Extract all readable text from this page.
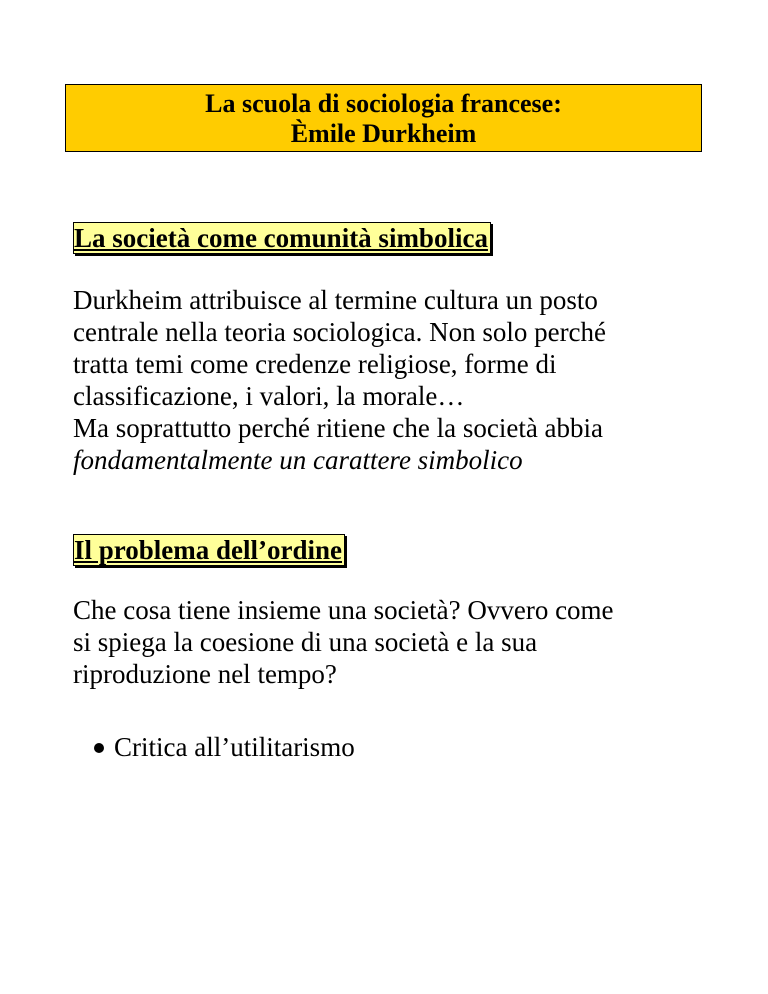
La scuola di sociologia francese:
Èmile Durkheim
La società come comunità simbolica
Durkheim attribuisce al termine cultura un posto
centrale nella teoria sociologica. Non solo perché
tratta temi come credenze religiose, forme di
classificazione, i valori, la morale…
Ma soprattutto perché ritiene che la società abbia
fondamentalmente un carattere simbolico
Il problema dell’ordine
Che cosa tiene insieme una società? Ovvero come
si spiega la coesione di una società e la sua
riproduzione nel tempo?
Critica all’utilitarismo
